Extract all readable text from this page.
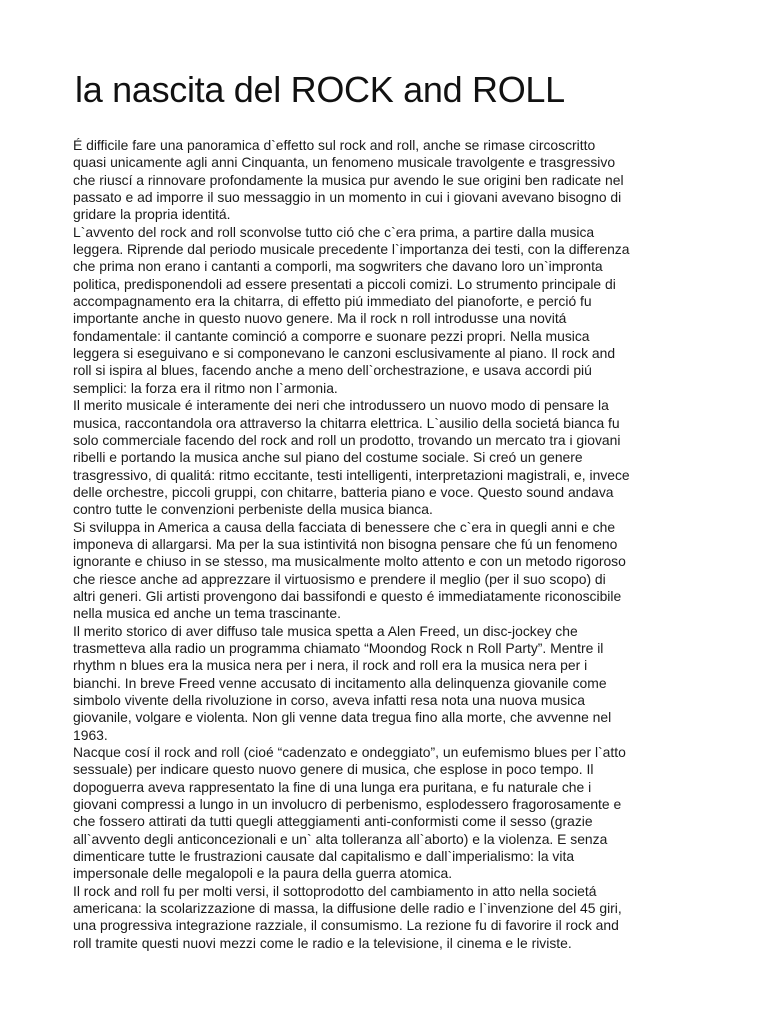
la nascita del ROCK and ROLL
É difficile fare una panoramica d`effetto sul rock and roll, anche se rimase circoscritto
quasi unicamente agli anni Cinquanta, un fenomeno musicale travolgente e trasgressivo
che riuscí a rinnovare profondamente la musica pur avendo le sue origini ben radicate nel
passato e ad imporre il suo messaggio in un momento in cui i giovani avevano bisogno di
gridare la propria identitá.
L`avvento del rock and roll sconvolse tutto ció che c`era prima, a partire dalla musica
leggera. Riprende dal periodo musicale precedente l`importanza dei testi, con la differenza
che prima non erano i cantanti a comporli, ma sogwriters che davano loro un`impronta
politica, predisponendoli ad essere presentati a piccoli comizi. Lo strumento principale di
accompagnamento era la chitarra, di effetto piú immediato del pianoforte, e perció fu
importante anche in questo nuovo genere. Ma il rock n roll introdusse una novitá
fondamentale: il cantante cominció a comporre e suonare pezzi propri. Nella musica
leggera si eseguivano e si componevano le canzoni esclusivamente al piano. Il rock and
roll si ispira al blues, facendo anche a meno dell`orchestrazione, e usava accordi piú
semplici: la forza era il ritmo non l`armonia.
Il merito musicale é interamente dei neri che introdussero un nuovo modo di pensare la
musica, raccontandola ora attraverso la chitarra elettrica. L`ausilio della societá bianca fu
solo commerciale facendo del rock and roll un prodotto, trovando un mercato tra i giovani
ribelli e portando la musica anche sul piano del costume sociale. Si creó un genere
trasgressivo, di qualitá: ritmo eccitante, testi intelligenti, interpretazioni magistrali, e, invece
delle orchestre, piccoli gruppi, con chitarre, batteria piano e voce. Questo sound andava
contro tutte le convenzioni perbeniste della musica bianca.
Si sviluppa in America a causa della facciata di benessere che c`era in quegli anni e che
imponeva di allargarsi. Ma per la sua istintivitá non bisogna pensare che fú un fenomeno
ignorante e chiuso in se stesso, ma musicalmente molto attento e con un metodo rigoroso
che riesce anche ad apprezzare il virtuosismo e prendere il meglio (per il suo scopo) di
altri generi. Gli artisti provengono dai bassifondi e questo é immediatamente riconoscibile
nella musica ed anche un tema trascinante.
Il merito storico di aver diffuso tale musica spetta a Alen Freed, un disc-jockey che
trasmetteva alla radio un programma chiamato “Moondog Rock n Roll Party”. Mentre il
rhythm n blues era la musica nera per i nera, il rock and roll era la musica nera per i
bianchi. In breve Freed venne accusato di incitamento alla delinquenza giovanile come
simbolo vivente della rivoluzione in corso, aveva infatti resa nota una nuova musica
giovanile, volgare e violenta. Non gli venne data tregua fino alla morte, che avvenne nel
1963.
Nacque cosí il rock and roll (cioé “cadenzato e ondeggiato”, un eufemismo blues per l`atto
sessuale) per indicare questo nuovo genere di musica, che esplose in poco tempo. Il
dopoguerra aveva rappresentato la fine di una lunga era puritana, e fu naturale che i
giovani compressi a lungo in un involucro di perbenismo, esplodessero fragorosamente e
che fossero attirati da tutti quegli atteggiamenti anti-conformisti come il sesso (grazie
all`avvento degli anticoncezionali e un` alta tolleranza all`aborto) e la violenza. E senza
dimenticare tutte le frustrazioni causate dal capitalismo e dall`imperialismo: la vita
impersonale delle megalopoli e la paura della guerra atomica.
Il rock and roll fu per molti versi, il sottoprodotto del cambiamento in atto nella societá
americana: la scolarizzazione di massa, la diffusione delle radio e l`invenzione del 45 giri,
una progressiva integrazione razziale, il consumismo. La rezione fu di favorire il rock and
roll tramite questi nuovi mezzi come le radio e la televisione, il cinema e le riviste.
